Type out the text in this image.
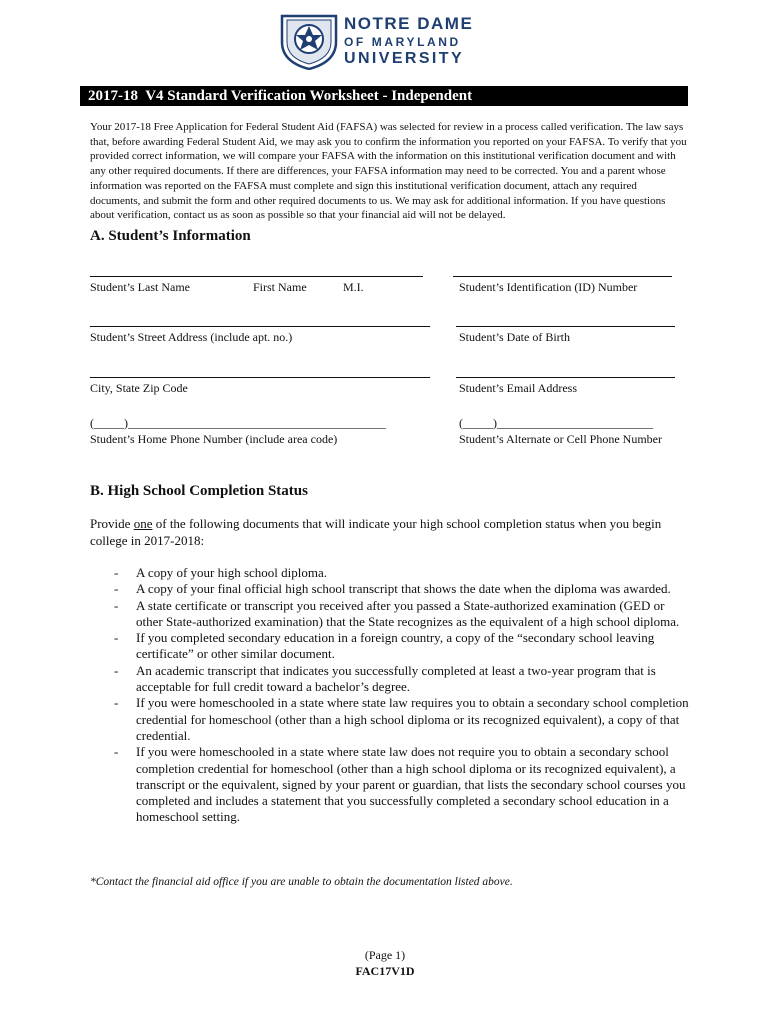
NOTRE DAME
OF MARYLAND
UNIVERSITY
2017-18  V4 Standard Verification Worksheet - Independent
Your 2017-18 Free Application for Federal Student Aid (FAFSA) was selected for review in a process called verification. The law says that, before awarding Federal Student Aid, we may ask you to confirm the information you reported on your FAFSA. To verify that you provided correct information, we will compare your FAFSA with the information on this institutional verification document and with any other required documents. If there are differences, your FAFSA information may need to be corrected. You and a parent whose information was reported on the FAFSA must complete and sign this institutional verification document, attach any required documents, and submit the form and other required documents to us. We may ask for additional information. If you have questions about verification, contact us as soon as possible so that your financial aid will not be delayed.
A. Student’s Information
Student’s Last Name	First Name	M.I.	Student’s Identification (ID) Number
Student’s Street Address (include apt. no.)	Student’s Date of Birth
City, State Zip Code	Student’s Email Address
(_____)___________________________________________	(_____)__________________________
Student’s Home Phone Number (include area code)	Student’s Alternate or Cell Phone Number
B. High School Completion Status
Provide one of the following documents that will indicate your high school completion status when you begin college in 2017-2018:
- A copy of your high school diploma.
- A copy of your final official high school transcript that shows the date when the diploma was awarded.
- A state certificate or transcript you received after you passed a State-authorized examination (GED or other State-authorized examination) that the State recognizes as the equivalent of a high school diploma.
- If you completed secondary education in a foreign country, a copy of the “secondary school leaving certificate” or other similar document.
- An academic transcript that indicates you successfully completed at least a two-year program that is acceptable for full credit toward a bachelor’s degree.
- If you were homeschooled in a state where state law requires you to obtain a secondary school completion credential for homeschool (other than a high school diploma or its recognized equivalent), a copy of that credential.
- If you were homeschooled in a state where state law does not require you to obtain a secondary school completion credential for homeschool (other than a high school diploma or its recognized equivalent), a transcript or the equivalent, signed by your parent or guardian, that lists the secondary school courses you completed and includes a statement that you successfully completed a secondary school education in a homeschool setting.
*Contact the financial aid office if you are unable to obtain the documentation listed above.
(Page 1)
FAC17V1D
